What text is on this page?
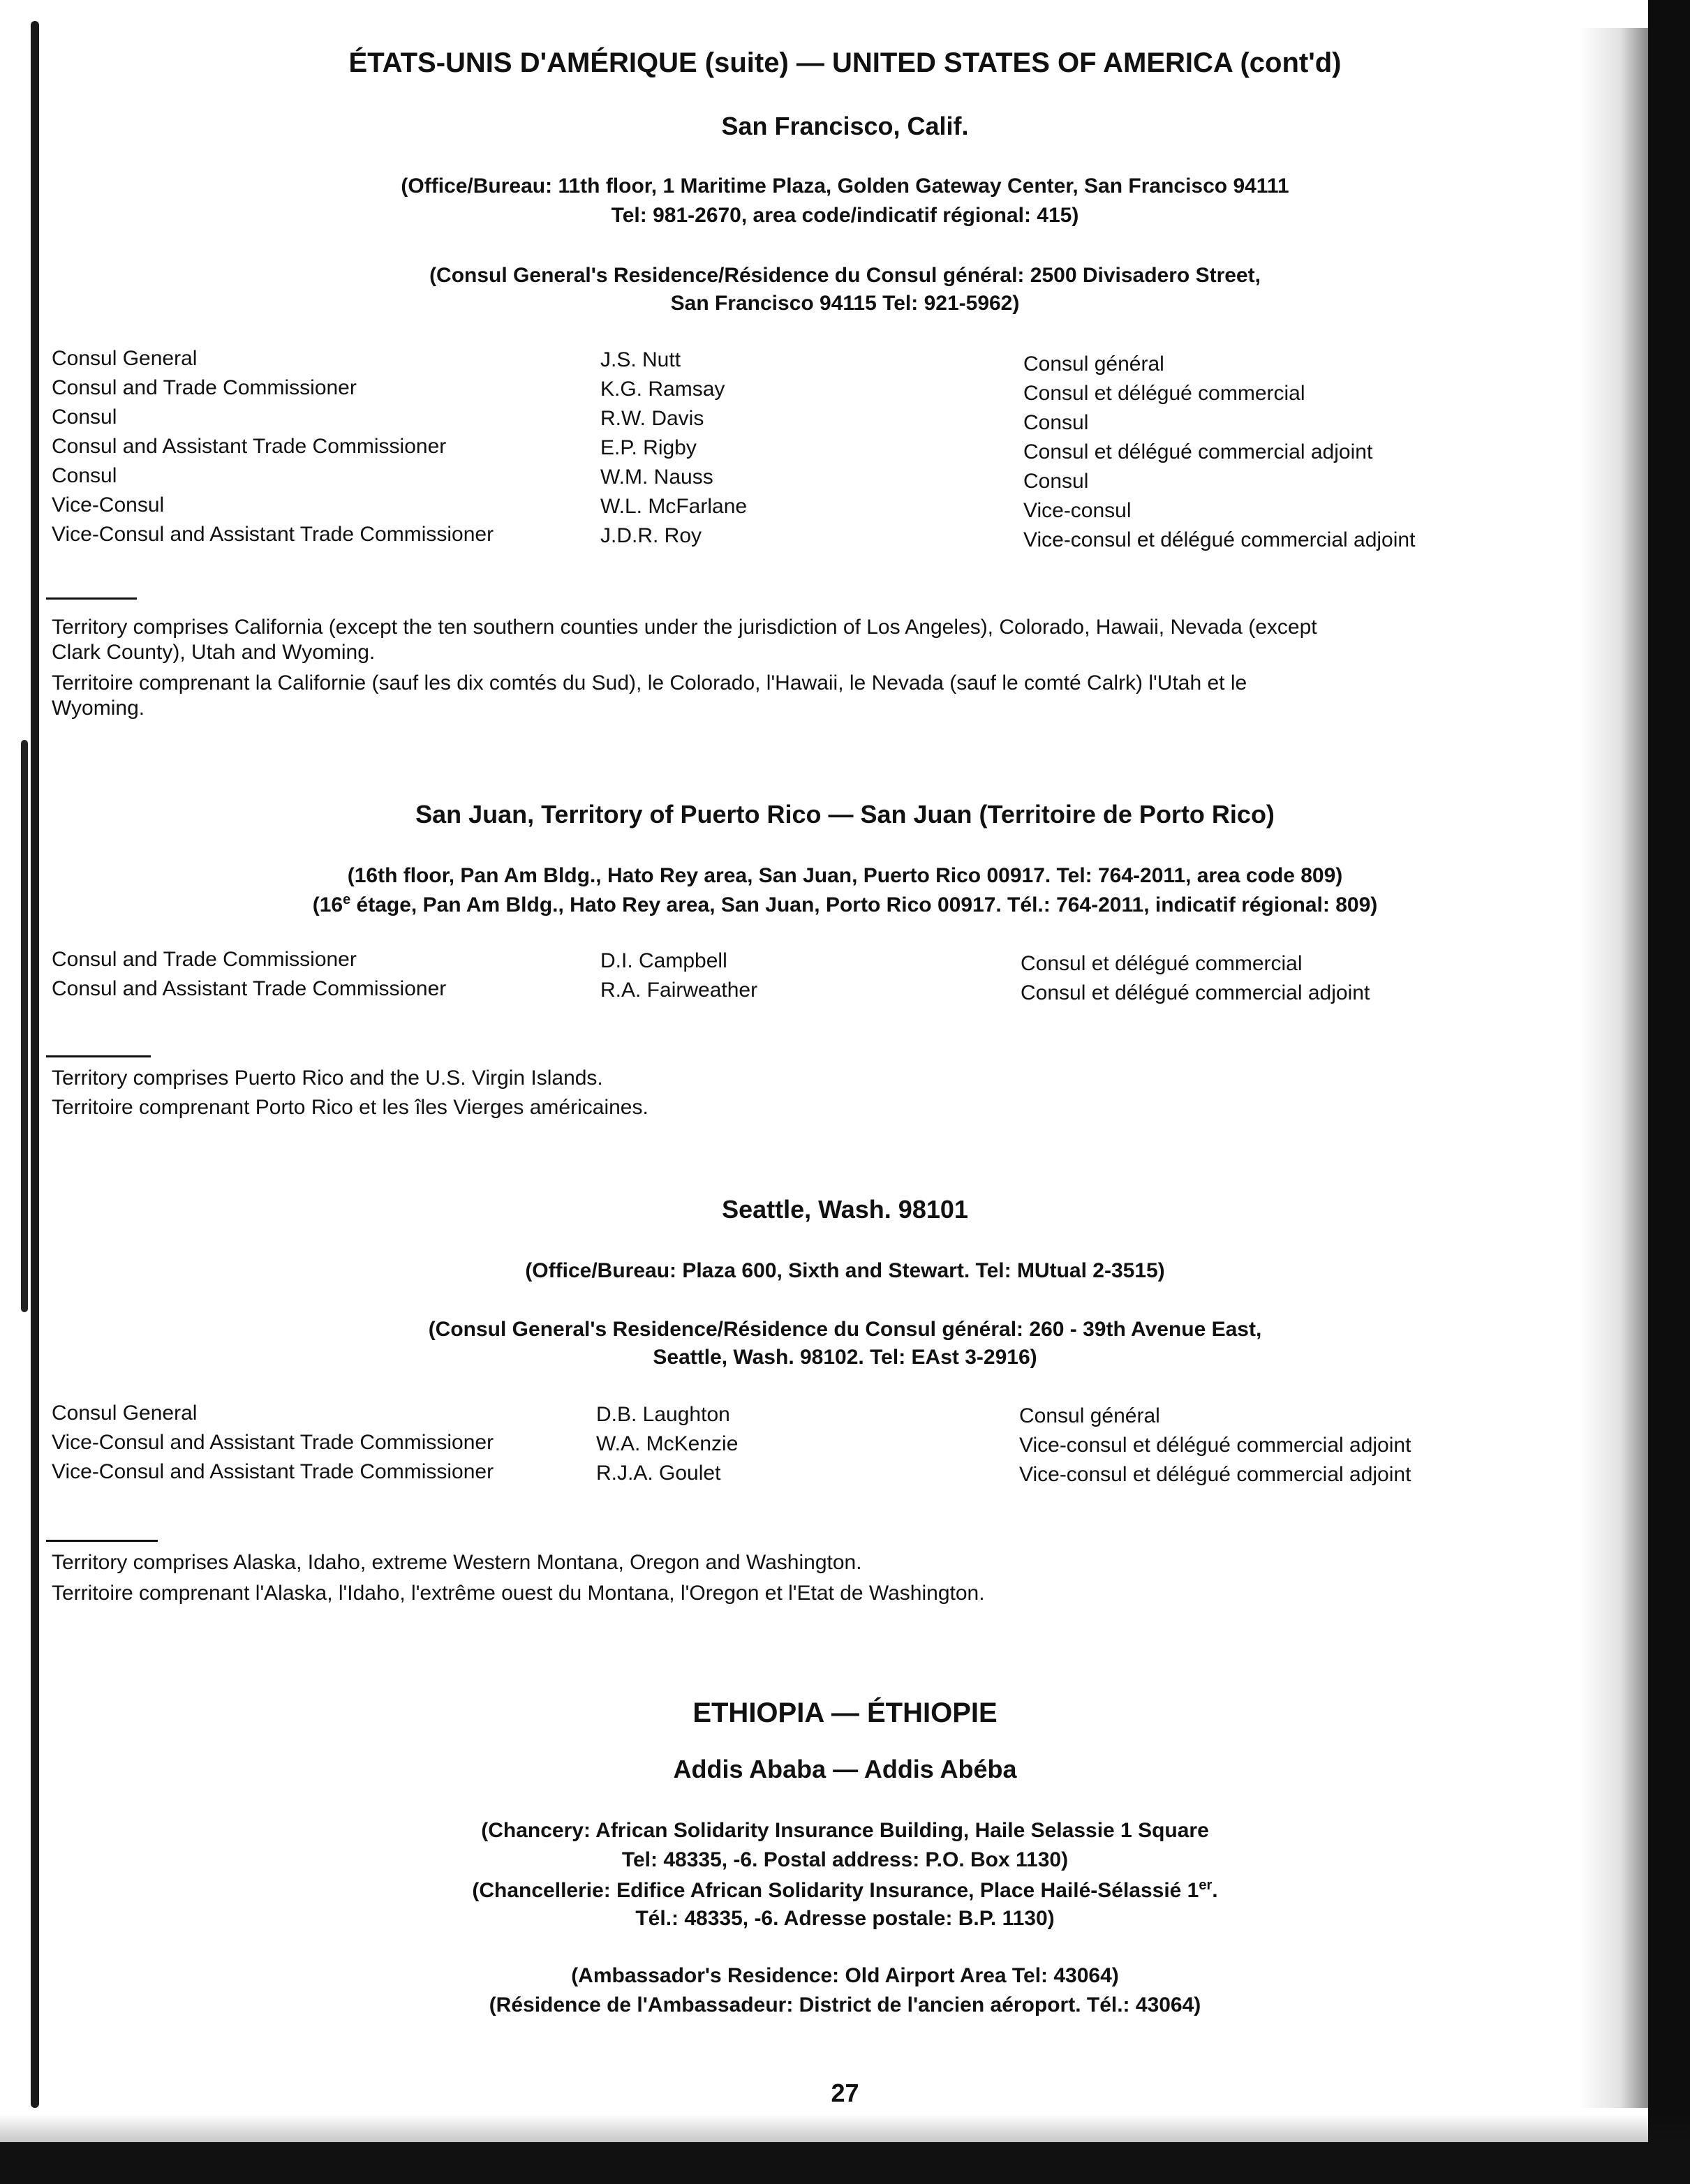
ÉTATS-UNIS D'AMÉRIQUE (suite) — UNITED STATES OF AMERICA (cont'd)
San Francisco, Calif.
(Office/Bureau: 11th floor, 1 Maritime Plaza, Golden Gateway Center, San Francisco 94111
Tel: 981-2670, area code/indicatif régional: 415)
(Consul General's Residence/Résidence du Consul général: 2500 Divisadero Street,
San Francisco 94115 Tel: 921-5962)
Consul General	J.S. Nutt	Consul général
Consul and Trade Commissioner	K.G. Ramsay	Consul et délégué commercial
Consul	R.W. Davis	Consul
Consul and Assistant Trade Commissioner	E.P. Rigby	Consul et délégué commercial adjoint
Consul	W.M. Nauss	Consul
Vice-Consul	W.L. McFarlane	Vice-consul
Vice-Consul and Assistant Trade Commissioner	J.D.R. Roy	Vice-consul et délégué commercial adjoint
Territory comprises California (except the ten southern counties under the jurisdiction of Los Angeles), Colorado, Hawaii, Nevada (except
Clark County), Utah and Wyoming.
Territoire comprenant la Californie (sauf les dix comtés du Sud), le Colorado, l'Hawaii, le Nevada (sauf le comté Calrk) l'Utah et le
Wyoming.
San Juan, Territory of Puerto Rico — San Juan (Territoire de Porto Rico)
(16th floor, Pan Am Bldg., Hato Rey area, San Juan, Puerto Rico 00917. Tel: 764-2011, area code 809)
(16e étage, Pan Am Bldg., Hato Rey area, San Juan, Porto Rico 00917. Tél.: 764-2011, indicatif régional: 809)
Consul and Trade Commissioner	D.I. Campbell	Consul et délégué commercial
Consul and Assistant Trade Commissioner	R.A. Fairweather	Consul et délégué commercial adjoint
Territory comprises Puerto Rico and the U.S. Virgin Islands.
Territoire comprenant Porto Rico et les îles Vierges américaines.
Seattle, Wash. 98101
(Office/Bureau: Plaza 600, Sixth and Stewart. Tel: MUtual 2-3515)
(Consul General's Residence/Résidence du Consul général: 260 - 39th Avenue East,
Seattle, Wash. 98102. Tel: EAst 3-2916)
Consul General	D.B. Laughton	Consul général
Vice-Consul and Assistant Trade Commissioner	W.A. McKenzie	Vice-consul et délégué commercial adjoint
Vice-Consul and Assistant Trade Commissioner	R.J.A. Goulet	Vice-consul et délégué commercial adjoint
Territory comprises Alaska, Idaho, extreme Western Montana, Oregon and Washington.
Territoire comprenant l'Alaska, l'Idaho, l'extrême ouest du Montana, l'Oregon et l'Etat de Washington.
ETHIOPIA — ÉTHIOPIE
Addis Ababa — Addis Abéba
(Chancery: African Solidarity Insurance Building, Haile Selassie 1 Square
Tel: 48335, -6. Postal address: P.O. Box 1130)
(Chancellerie: Edifice African Solidarity Insurance, Place Hailé-Sélassié 1er.
Tél.: 48335, -6. Adresse postale: B.P. 1130)
(Ambassador's Residence: Old Airport Area Tel: 43064)
(Résidence de l'Ambassadeur: District de l'ancien aéroport. Tél.: 43064)
27
